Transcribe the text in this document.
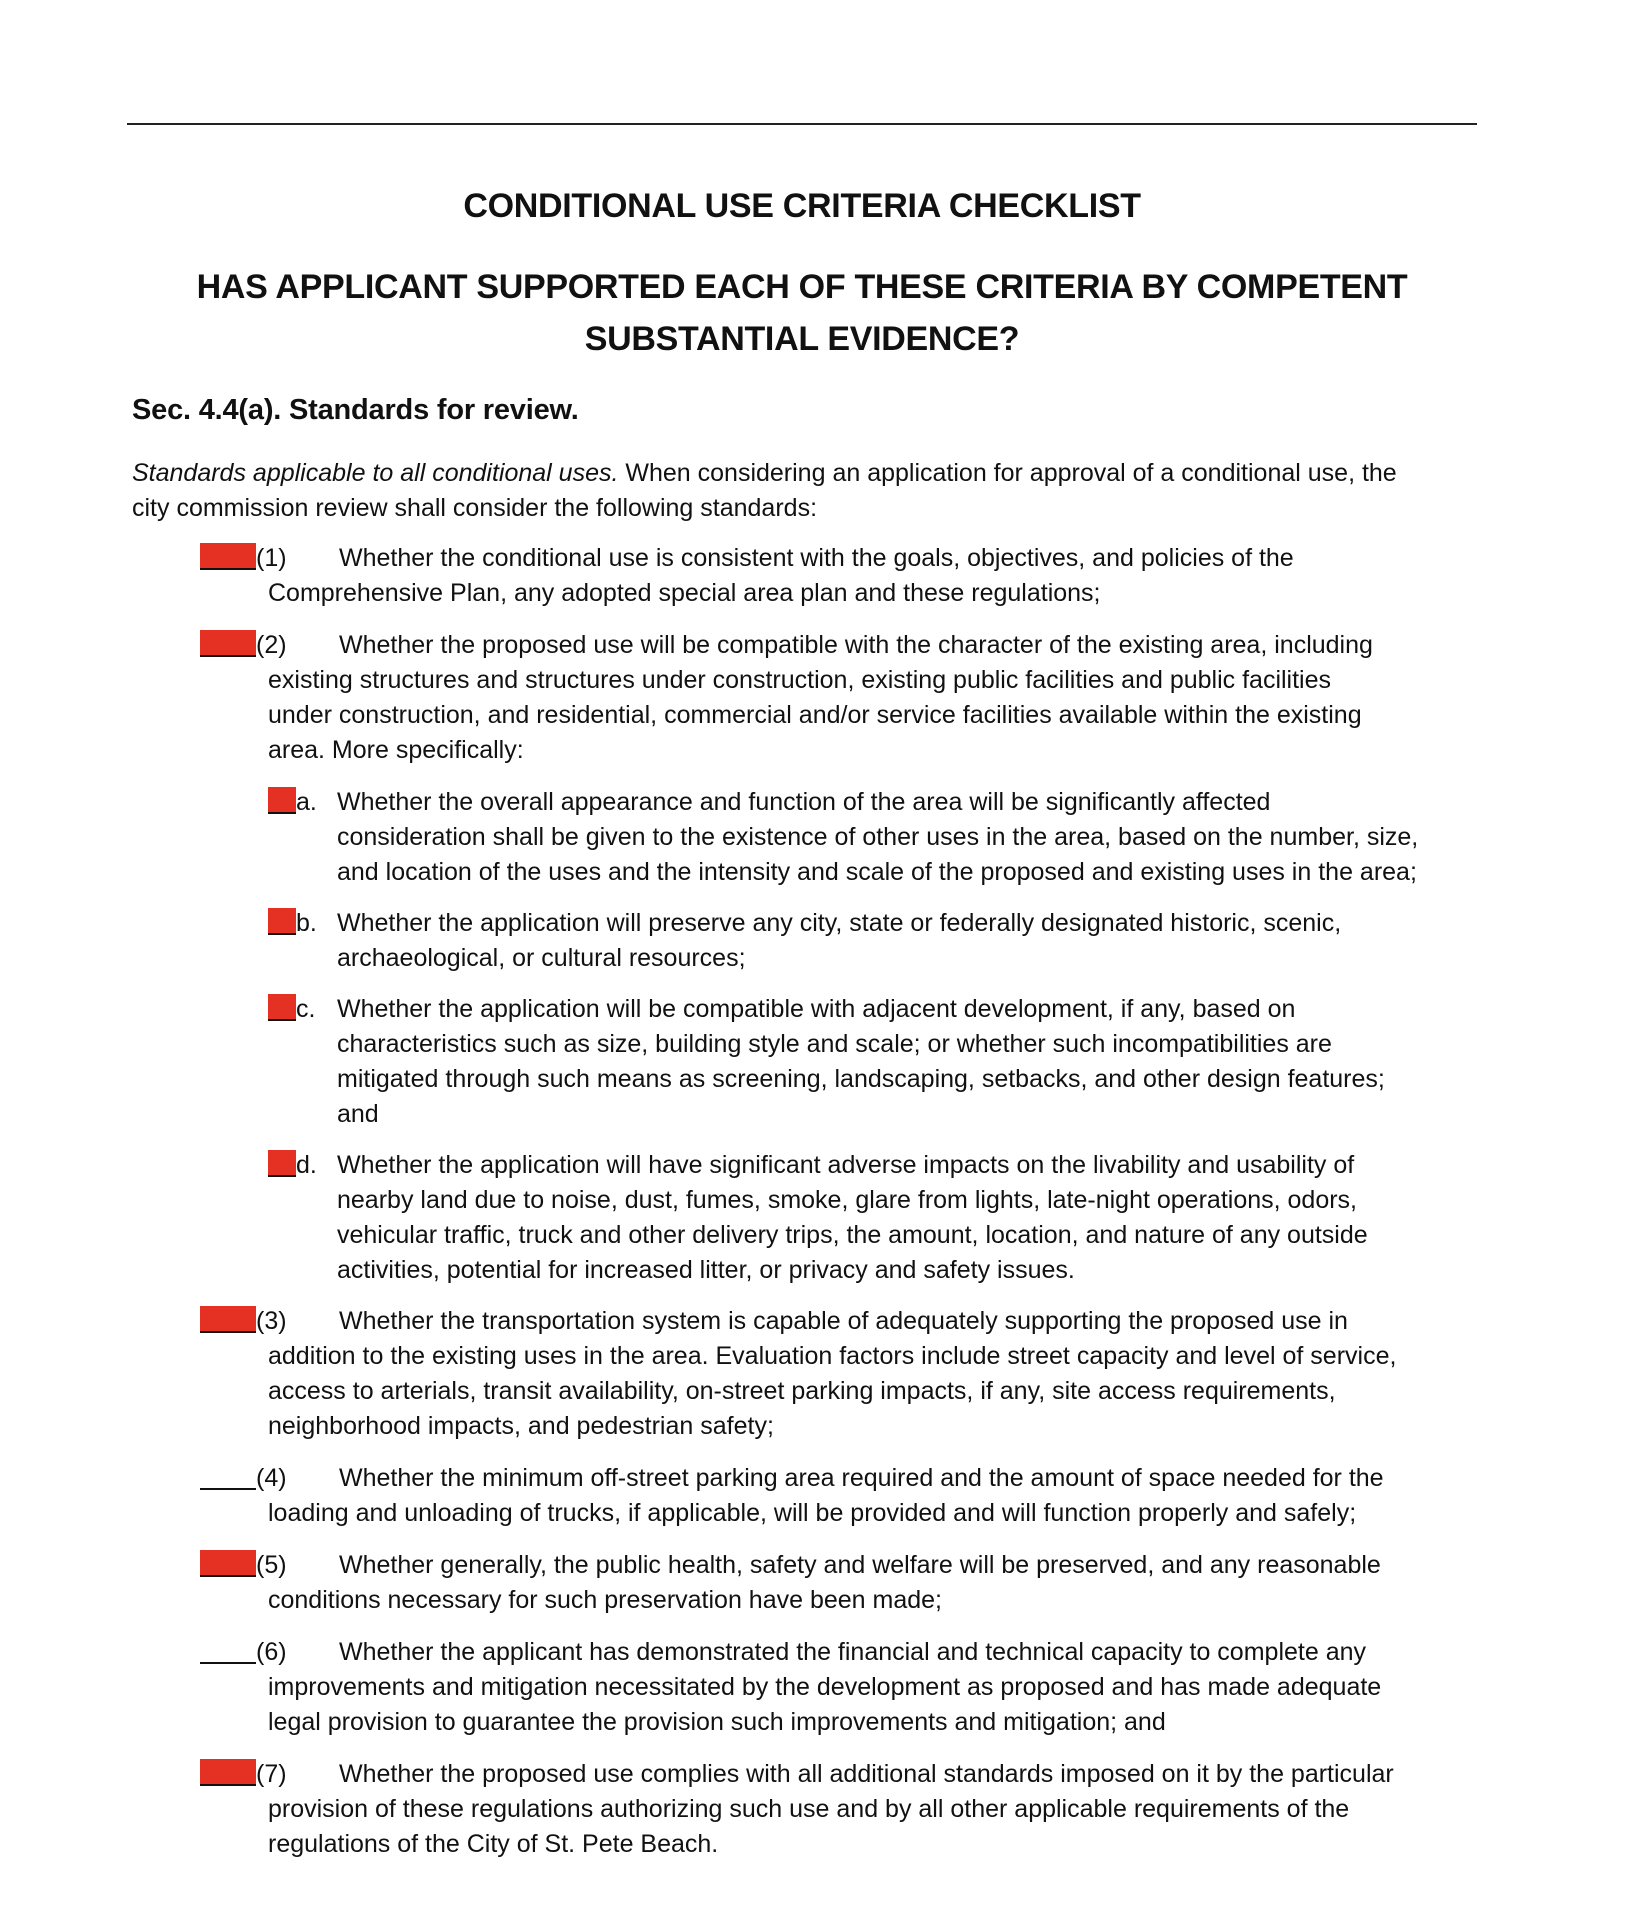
CONDITIONAL USE CRITERIA CHECKLIST
HAS APPLICANT SUPPORTED EACH OF THESE CRITERIA BY COMPETENT
SUBSTANTIAL EVIDENCE?
Sec. 4.4(a). Standards for review.
Standards applicable to all conditional uses. When considering an application for approval of a conditional use, the
city commission review shall consider the following standards:
(1) Whether the conditional use is consistent with the goals, objectives, and policies of the
Comprehensive Plan, any adopted special area plan and these regulations;
(2) Whether the proposed use will be compatible with the character of the existing area, including
existing structures and structures under construction, existing public facilities and public facilities
under construction, and residential, commercial and/or service facilities available within the existing
area. More specifically:
a. Whether the overall appearance and function of the area will be significantly affected
consideration shall be given to the existence of other uses in the area, based on the number, size,
and location of the uses and the intensity and scale of the proposed and existing uses in the area;
b. Whether the application will preserve any city, state or federally designated historic, scenic,
archaeological, or cultural resources;
c. Whether the application will be compatible with adjacent development, if any, based on
characteristics such as size, building style and scale; or whether such incompatibilities are
mitigated through such means as screening, landscaping, setbacks, and other design features;
and
d. Whether the application will have significant adverse impacts on the livability and usability of
nearby land due to noise, dust, fumes, smoke, glare from lights, late-night operations, odors,
vehicular traffic, truck and other delivery trips, the amount, location, and nature of any outside
activities, potential for increased litter, or privacy and safety issues.
(3) Whether the transportation system is capable of adequately supporting the proposed use in
addition to the existing uses in the area. Evaluation factors include street capacity and level of service,
access to arterials, transit availability, on-street parking impacts, if any, site access requirements,
neighborhood impacts, and pedestrian safety;
(4) Whether the minimum off-street parking area required and the amount of space needed for the
loading and unloading of trucks, if applicable, will be provided and will function properly and safely;
(5) Whether generally, the public health, safety and welfare will be preserved, and any reasonable
conditions necessary for such preservation have been made;
(6) Whether the applicant has demonstrated the financial and technical capacity to complete any
improvements and mitigation necessitated by the development as proposed and has made adequate
legal provision to guarantee the provision such improvements and mitigation; and
(7) Whether the proposed use complies with all additional standards imposed on it by the particular
provision of these regulations authorizing such use and by all other applicable requirements of the
regulations of the City of St. Pete Beach.
